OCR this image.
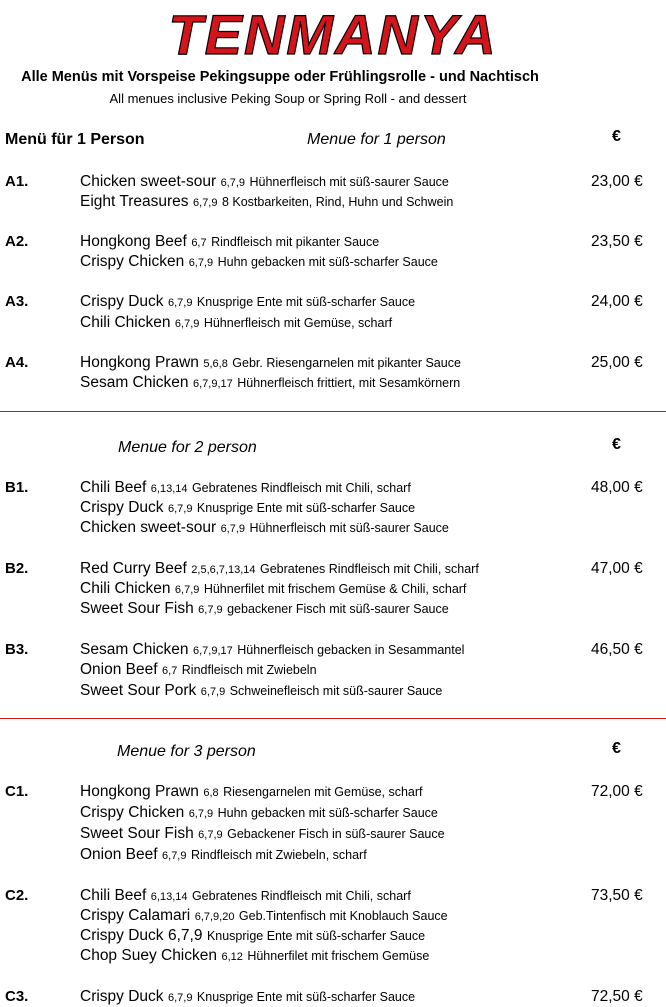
TENMANYA
Alle Menüs mit Vorspeise Pekingsuppe oder Frühlingsrolle - und Nachtisch
All menues inclusive Peking Soup or Spring Roll - and dessert
Menü für 1 Person	Menue for 1 person	€
A1.	23,00 €
Chicken sweet-sour 6,7,9 Hühnerfleisch mit süß-saurer Sauce
Eight Treasures 6,7,9 8 Kostbarkeiten, Rind, Huhn und Schwein
A2.	23,50 €
Hongkong Beef 6,7 Rindfleisch mit pikanter Sauce
Crispy Chicken 6,7,9 Huhn gebacken mit süß-scharfer Sauce
A3.	24,00 €
Crispy Duck 6,7,9 Knusprige Ente mit süß-scharfer Sauce
Chili Chicken 6,7,9 Hühnerfleisch mit Gemüse, scharf
A4.	25,00 €
Hongkong Prawn 5,6,8 Gebr. Riesengarnelen mit pikanter Sauce
Sesam Chicken 6,7,9,17 Hühnerfleisch frittiert, mit Sesamkörnern
Menue for 2 person	€
B1.	48,00 €
Chili Beef 6,13,14 Gebratenes Rindfleisch mit Chili, scharf
Crispy Duck 6,7,9 Knusprige Ente mit süß-scharfer Sauce
Chicken sweet-sour 6,7,9 Hühnerfleisch mit süß-saurer Sauce
B2.	47,00 €
Red Curry Beef 2,5,6,7,13,14 Gebratenes Rindfleisch mit Chili, scharf
Chili Chicken 6,7,9 Hühnerfilet mit frischem Gemüse & Chili, scharf
Sweet Sour Fish 6,7,9 gebackener Fisch mit süß-saurer Sauce
B3.	46,50 €
Sesam Chicken 6,7,9,17 Hühnerfleisch gebacken in Sesammantel
Onion Beef 6,7 Rindfleisch mit Zwiebeln
Sweet Sour Pork 6,7,9 Schweinefleisch mit süß-saurer Sauce
Menue for 3 person	€
C1.	72,00 €
Hongkong Prawn 6,8 Riesengarnelen mit Gemüse, scharf
Crispy Chicken 6,7,9 Huhn gebacken mit süß-scharfer Sauce
Sweet Sour Fish 6,7,9 Gebackener Fisch in süß-saurer Sauce
Onion Beef 6,7,9 Rindfleisch mit Zwiebeln, scharf
C2.	73,50 €
Chili Beef 6,13,14 Gebratenes Rindfleisch mit Chili, scharf
Crispy Calamari 6,7,9,20 Geb.Tintenfisch mit Knoblauch Sauce
Crispy Duck 6,7,9 Knusprige Ente mit süß-scharfer Sauce
Chop Suey Chicken 6,12 Hühnerfilet mit frischem Gemüse
C3.	72,50 €
Crispy Duck 6,7,9 Knusprige Ente mit süß-scharfer Sauce
